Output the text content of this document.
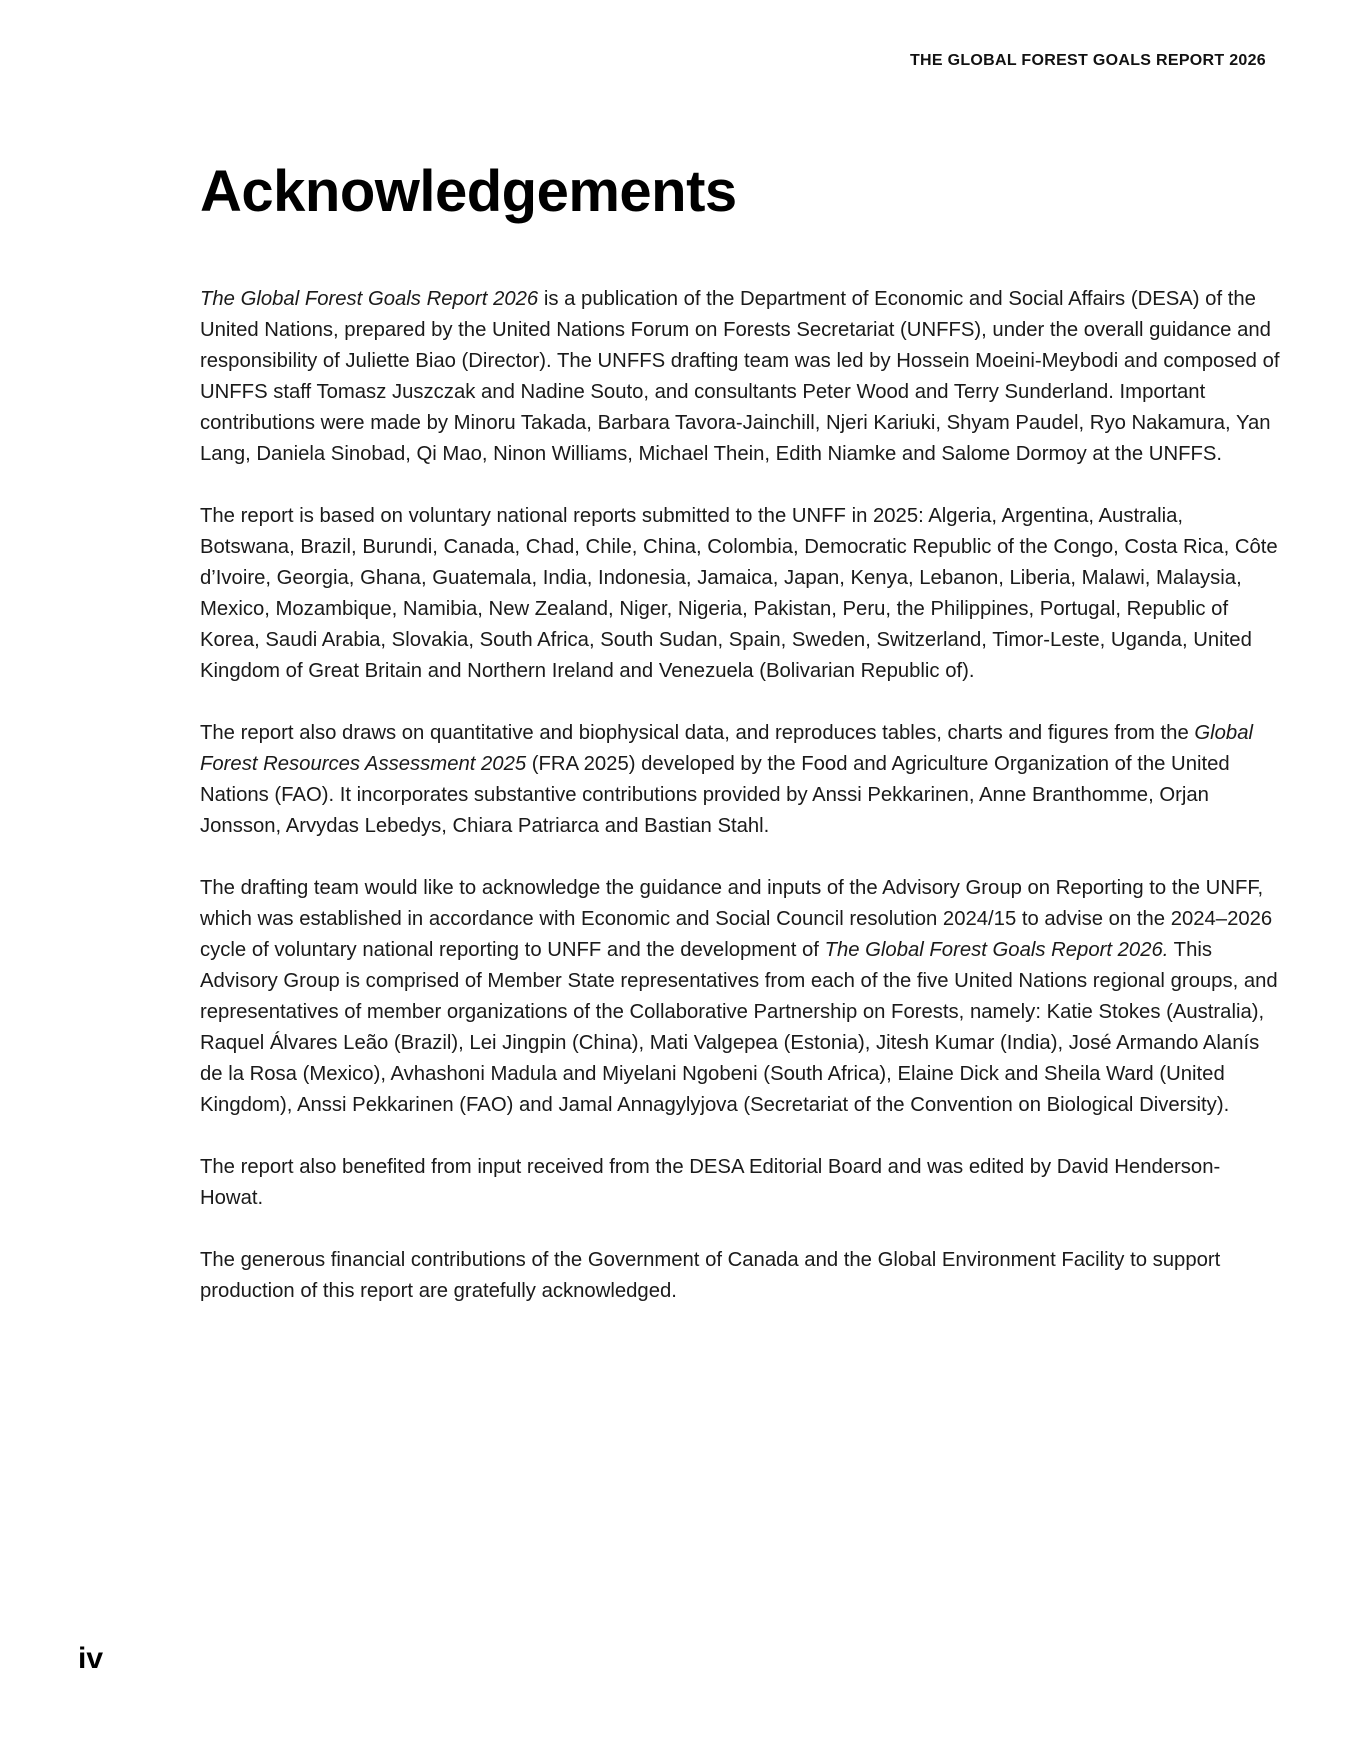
THE GLOBAL FOREST GOALS REPORT 2026
Acknowledgements

The Global Forest Goals Report 2026 is a publication of the Department of Economic and Social Affairs (DESA) of the United Nations, prepared by the United Nations Forum on Forests Secretariat (UNFFS), under the overall guidance and responsibility of Juliette Biao (Director). The UNFFS drafting team was led by Hossein Moeini-Meybodi and composed of UNFFS staff Tomasz Juszczak and Nadine Souto, and consultants Peter Wood and Terry Sunderland. Important contributions were made by Minoru Takada, Barbara Tavora-Jainchill, Njeri Kariuki, Shyam Paudel, Ryo Nakamura, Yan Lang, Daniela Sinobad, Qi Mao, Ninon Williams, Michael Thein, Edith Niamke and Salome Dormoy at the UNFFS.

The report is based on voluntary national reports submitted to the UNFF in 2025: Algeria, Argentina, Australia, Botswana, Brazil, Burundi, Canada, Chad, Chile, China, Colombia, Democratic Republic of the Congo, Costa Rica, Côte d’Ivoire, Georgia, Ghana, Guatemala, India, Indonesia, Jamaica, Japan, Kenya, Lebanon, Liberia, Malawi, Malaysia, Mexico, Mozambique, Namibia, New Zealand, Niger, Nigeria, Pakistan, Peru, the Philippines, Portugal, Republic of Korea, Saudi Arabia, Slovakia, South Africa, South Sudan, Spain, Sweden, Switzerland, Timor-Leste, Uganda, United Kingdom of Great Britain and Northern Ireland and Venezuela (Bolivarian Republic of).

The report also draws on quantitative and biophysical data, and reproduces tables, charts and figures from the Global Forest Resources Assessment 2025 (FRA 2025) developed by the Food and Agriculture Organization of the United Nations (FAO). It incorporates substantive contributions provided by Anssi Pekkarinen, Anne Branthomme, Orjan Jonsson, Arvydas Lebedys, Chiara Patriarca and Bastian Stahl.

The drafting team would like to acknowledge the guidance and inputs of the Advisory Group on Reporting to the UNFF, which was established in accordance with Economic and Social Council resolution 2024/15 to advise on the 2024–2026 cycle of voluntary national reporting to UNFF and the development of The Global Forest Goals Report 2026. This Advisory Group is comprised of Member State representatives from each of the five United Nations regional groups, and representatives of member organizations of the Collaborative Partnership on Forests, namely: Katie Stokes (Australia), Raquel Álvares Leão (Brazil), Lei Jingpin (China), Mati Valgepea (Estonia), Jitesh Kumar (India), José Armando Alanís de la Rosa (Mexico), Avhashoni Madula and Miyelani Ngobeni (South Africa), Elaine Dick and Sheila Ward (United Kingdom), Anssi Pekkarinen (FAO) and Jamal Annagylyjova (Secretariat of the Convention on Biological Diversity).

The report also benefited from input received from the DESA Editorial Board and was edited by David Henderson-Howat.

The generous financial contributions of the Government of Canada and the Global Environment Facility to support production of this report are gratefully acknowledged.

iv
